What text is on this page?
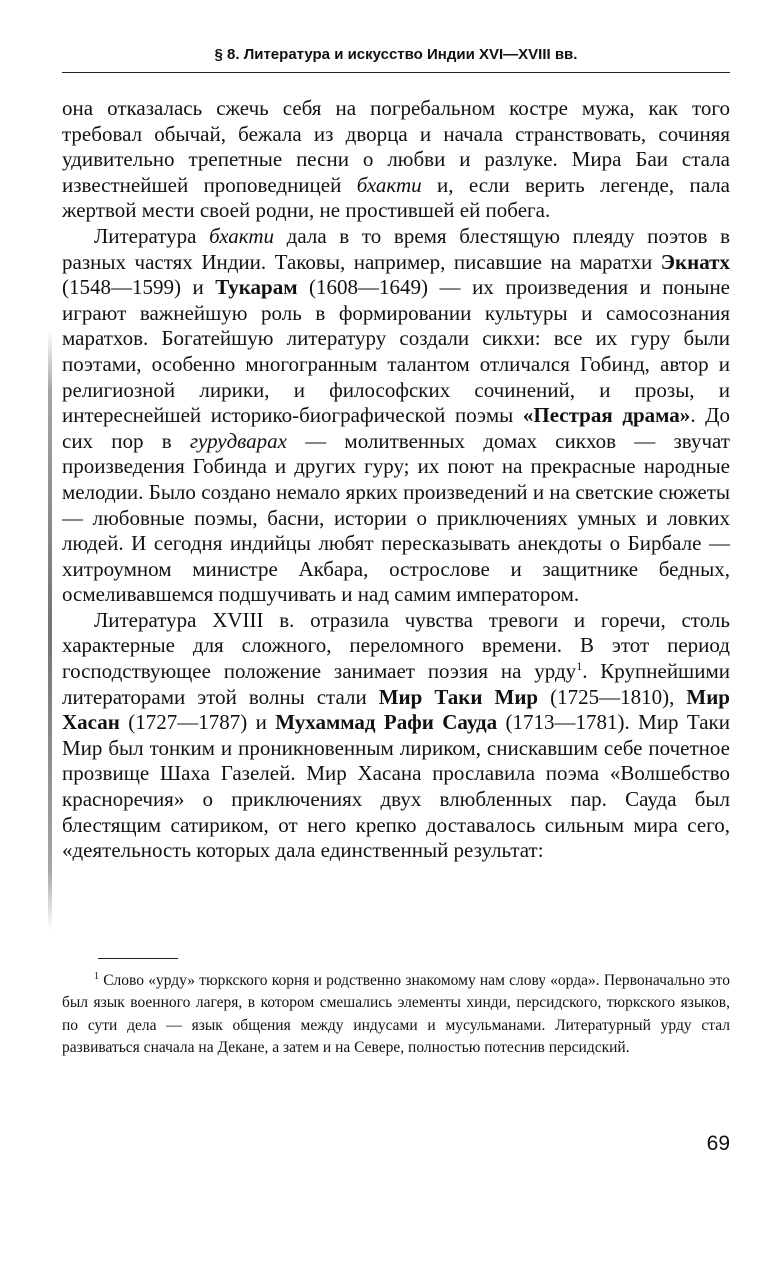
§ 8. Литература и искусство Индии XVI—XVIII вв.

она отказалась сжечь себя на погребальном костре мужа, как того требовал обычай, бежала из дворца и начала странствовать, сочиняя удивительно трепетные песни о любви и разлуке. Мира Баи стала известнейшей проповедницей бхакти и, если верить легенде, пала жертвой мести своей родни, не простившей ей побега.

Литература бхакти дала в то время блестящую плеяду поэтов в разных частях Индии. Таковы, например, писавшие на маратхи Экнатх (1548—1599) и Тукарам (1608—1649) — их произведения и поныне играют важнейшую роль в формировании культуры и самосознания маратхов. Богатейшую литературу создали сикхи: все их гуру были поэтами, особенно многогранным талантом отличался Гобинд, автор и религиозной лирики, и философских сочинений, и прозы, и интереснейшей историко-биографической поэмы «Пестрая драма». До сих пор в гурудварах — молитвенных домах сикхов — звучат произведения Гобинда и других гуру; их поют на прекрасные народные мелодии. Было создано немало ярких произведений и на светские сюжеты — любовные поэмы, басни, истории о приключениях умных и ловких людей. И сегодня индийцы любят пересказывать анекдоты о Бирбале — хитроумном министре Акбара, острослове и защитнике бедных, осмеливавшемся подшучивать и над самим императором.

Литература XVIII в. отразила чувства тревоги и горечи, столь характерные для сложного, переломного времени. В этот период господствующее положение занимает поэзия на урду$^1$. Крупнейшими литераторами этой волны стали Мир Таки Мир (1725—1810), Мир Хасан (1727—1787) и Мухаммад Рафи Сауда (1713—1781). Мир Таки Мир был тонким и проникновенным лириком, снискавшим себе почетное прозвище Шаха Газелей. Мир Хасана прославила поэма «Волшебство красноречия» о приключениях двух влюбленных пар. Сауда был блестящим сатириком, от него крепко доставалось сильным мира сего, «деятельность которых дала единственный результат:

$^1$ Слово «урду» тюркского корня и родственно знакомому нам слову «орда». Первоначально это был язык военного лагеря, в котором смешались элементы хинди, персидского, тюркского языков, по сути дела — язык общения между индусами и мусульманами. Литературный урду стал развиваться сначала на Декане, а затем и на Севере, полностью потеснив персидский.
69
